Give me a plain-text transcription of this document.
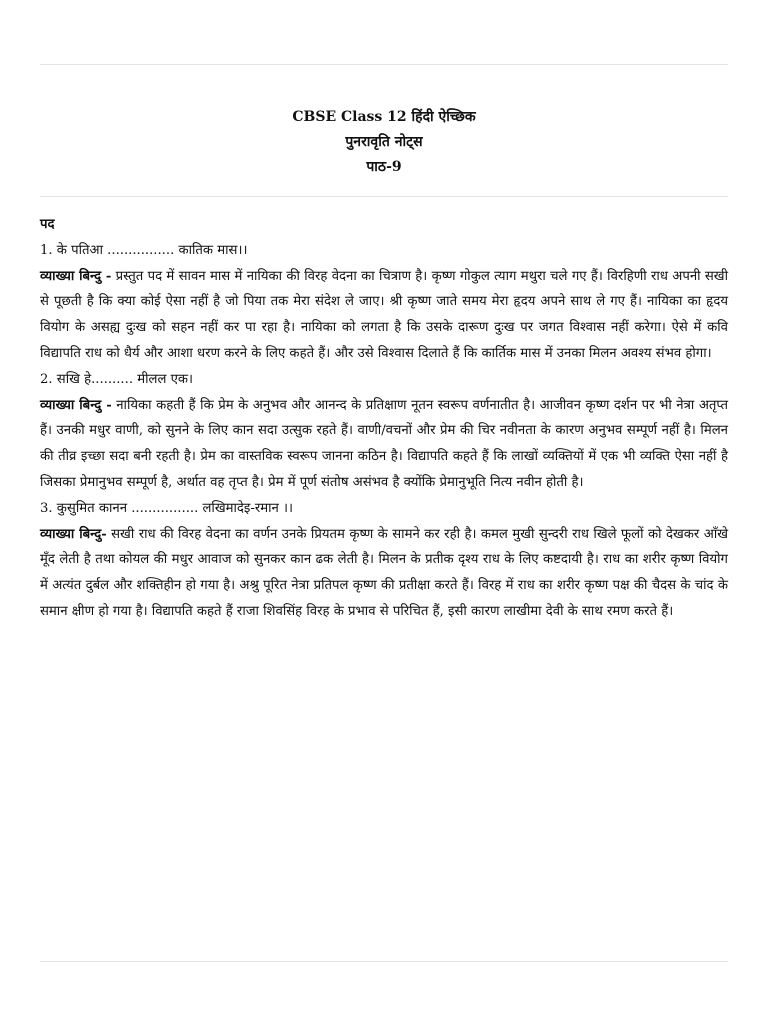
CBSE Class 12 हिंदी ऐच्छिक
पुनरावृति नोट्स
पाठ-9

पद

1. के पतिआ ................ कातिक मास।।

व्याख्या बिन्दु - प्रस्तुत पद में सावन मास में नायिका की विरह वेदना का चित्राण है। कृष्ण गोकुल त्याग मथुरा चले गए हैं। विरहिणी राध अपनी सखी से पूछती है कि क्या कोई ऐसा नहीं है जो पिया तक मेरा संदेश ले जाए। श्री कृष्ण जाते समय मेरा हृदय अपने साथ ले गए हैं। नायिका का हृदय वियोग के असह्य दुःख को सहन नहीं कर पा रहा है। नायिका को लगता है कि उसके दारूण दुःख पर जगत विश्वास नहीं करेगा। ऐसे में कवि विद्यापति राध को धैर्य और आशा धरण करने के लिए कहते हैं। और उसे विश्वास दिलाते हैं कि कार्तिक मास में उनका मिलन अवश्य संभव होगा।

2. सखि हे.......... मीलल एक।

व्याख्या बिन्दु - नायिका कहती हैं कि प्रेम के अनुभव और आनन्द के प्रतिक्षाण नूतन स्वरूप वर्णनातीत है। आजीवन कृष्ण दर्शन पर भी नेत्रा अतृप्त हैं। उनकी मधुर वाणी, को सुनने के लिए कान सदा उत्सुक रहते हैं। वाणी/वचनों और प्रेम की चिर नवीनता के कारण अनुभव सम्पूर्ण नहीं है। मिलन की तीव्र इच्छा सदा बनी रहती है। प्रेम का वास्तविक स्वरूप जानना कठिन है। विद्यापति कहते हैं कि लाखों व्यक्तियों में एक भी व्यक्ति ऐसा नहीं है जिसका प्रेमानुभव सम्पूर्ण है, अर्थात वह तृप्त है। प्रेम में पूर्ण संतोष असंभव है क्योंकि प्रेमानुभूति नित्य नवीन होती है।

3. कुसुमित कानन ................ लखिमादेइ-रमान ।।

व्याख्या बिन्दु- सखी राध की विरह वेदना का वर्णन उनके प्रियतम कृष्ण के सामने कर रही है। कमल मुखी सुन्दरी राध खिले फूलों को देखकर आँखे मूँद लेती है तथा कोयल की मधुर आवाज को सुनकर कान ढक लेती है। मिलन के प्रतीक दृश्य राध के लिए कष्टदायी है। राध का शरीर कृष्ण वियोग में अत्यंत दुर्बल और शक्तिहीन हो गया है। अश्रु पूरित नेत्रा प्रतिपल कृष्ण की प्रतीक्षा करते हैं। विरह में राध का शरीर कृष्ण पक्ष की चैदस के चांद के समान क्षीण हो गया है। विद्यापति कहते हैं राजा शिवसिंह विरह के प्रभाव से परिचित हैं, इसी कारण लाखीमा देवी के साथ रमण करते हैं।
